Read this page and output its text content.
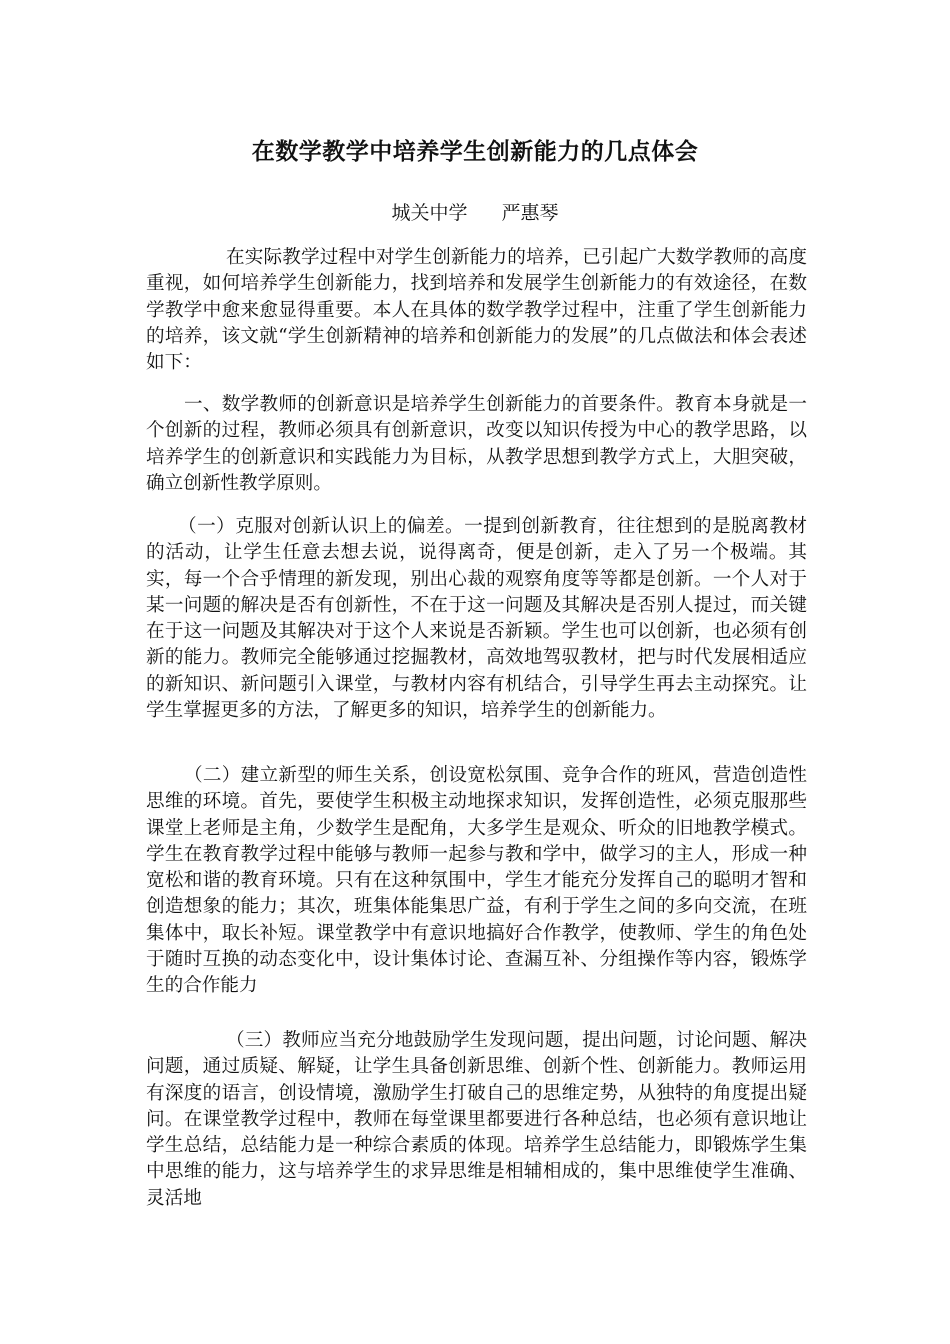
在数学教学中培养学生创新能力的几点体会
城关中学 严惠琴

在实际教学过程中对学生创新能力的培养，已引起广大数学教师的高度重视，如何培养学生创新能力，找到培养和发展学生创新能力的有效途径，在数学教学中愈来愈显得重要。本人在具体的数学教学过程中，注重了学生创新能力的培养，该文就“学生创新精神的培养和创新能力的发展”的几点做法和体会表述如下：

一、数学教师的创新意识是培养学生创新能力的首要条件。教育本身就是一个创新的过程，教师必须具有创新意识，改变以知识传授为中心的教学思路，以培养学生的创新意识和实践能力为目标，从教学思想到教学方式上，大胆突破，确立创新性教学原则。

（一）克服对创新认识上的偏差。一提到创新教育，往往想到的是脱离教材的活动，让学生任意去想去说，说得离奇，便是创新，走入了另一个极端。其实，每一个合乎情理的新发现，别出心裁的观察角度等等都是创新。一个人对于某一问题的解决是否有创新性，不在于这一问题及其解决是否别人提过，而关键在于这一问题及其解决对于这个人来说是否新颖。学生也可以创新，也必须有创新的能力。教师完全能够通过挖掘教材，高效地驾驭教材，把与时代发展相适应的新知识、新问题引入课堂，与教材内容有机结合，引导学生再去主动探究。让学生掌握更多的方法，了解更多的知识，培养学生的创新能力。

（二）建立新型的师生关系，创设宽松氛围、竞争合作的班风，营造创造性思维的环境。首先，要使学生积极主动地探求知识，发挥创造性，必须克服那些课堂上老师是主角，少数学生是配角，大多学生是观众、听众的旧地教学模式。学生在教育教学过程中能够与教师一起参与教和学中，做学习的主人，形成一种宽松和谐的教育环境。只有在这种氛围中，学生才能充分发挥自己的聪明才智和创造想象的能力；其次，班集体能集思广益，有利于学生之间的多向交流，在班集体中，取长补短。课堂教学中有意识地搞好合作教学，使教师、学生的角色处于随时互换的动态变化中，设计集体讨论、查漏互补、分组操作等内容，锻炼学生的合作能力

（三）教师应当充分地鼓励学生发现问题，提出问题，讨论问题、解决问题，通过质疑、解疑，让学生具备创新思维、创新个性、创新能力。教师运用有深度的语言，创设情境，激励学生打破自己的思维定势，从独特的角度提出疑问。在课堂教学过程中，教师在每堂课里都要进行各种总结，也必须有意识地让学生总结，总结能力是一种综合素质的体现。培养学生总结能力，即锻炼学生集中思维的能力，这与培养学生的求异思维是相辅相成的，集中思维使学生准确、灵活地
